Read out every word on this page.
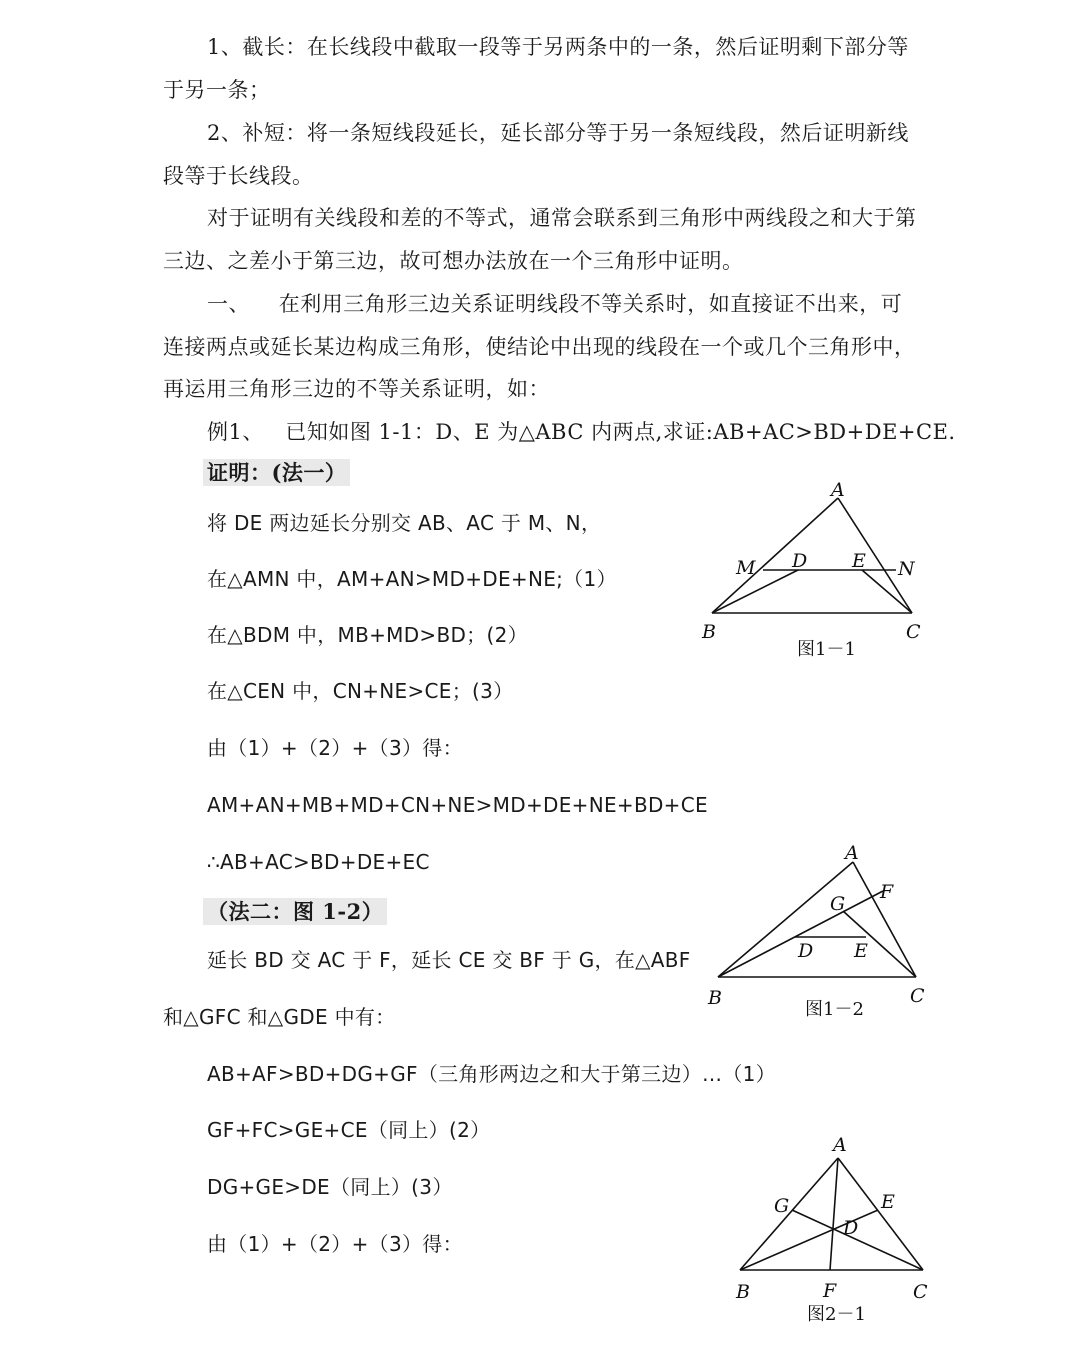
1、截长：在长线段中截取一段等于另两条中的一条，然后证明剩下部分等
于另一条；
2、补短：将一条短线段延长，延长部分等于另一条短线段，然后证明新线
段等于长线段。
对于证明有关线段和差的不等式，通常会联系到三角形中两线段之和大于第
三边、之差小于第三边，故可想办法放在一个三角形中证明。
一、    在利用三角形三边关系证明线段不等关系时，如直接证不出来，可
连接两点或延长某边构成三角形，使结论中出现的线段在一个或几个三角形中，
再运用三角形三边的不等关系证明，如：
例1、   已知如图 1-1：D、E 为△ABC 内两点,求证:AB+AC>BD+DE+CE.
证明：(法一）
将 DE 两边延长分别交 AB、AC 于 M、N，
在△AMN 中，AM+AN>MD+DE+NE;（1）
在△BDM 中，MB+MD>BD；(2）
在△CEN 中，CN+NE>CE；(3）
由（1）+（2）+（3）得：
AM+AN+MB+MD+CN+NE>MD+DE+NE+BD+CE
∴AB+AC>BD+DE+EC
（法二：图 1-2）
延长 BD 交 AC 于 F，延长 CE 交 BF 于 G，在△ABF
和△GFC 和△GDE 中有：
AB+AF>BD+DG+GF（三角形两边之和大于第三边）…（1）
GF+FC>GE+CE（同上）(2）
DG+GE>DE（同上）(3）
由（1）+（2）+（3）得：
A
B	C
D E
M	N
图1－1
A
B	C
D E
F
G
图1－2
A
B	C
D
E
F
G
图2－1
